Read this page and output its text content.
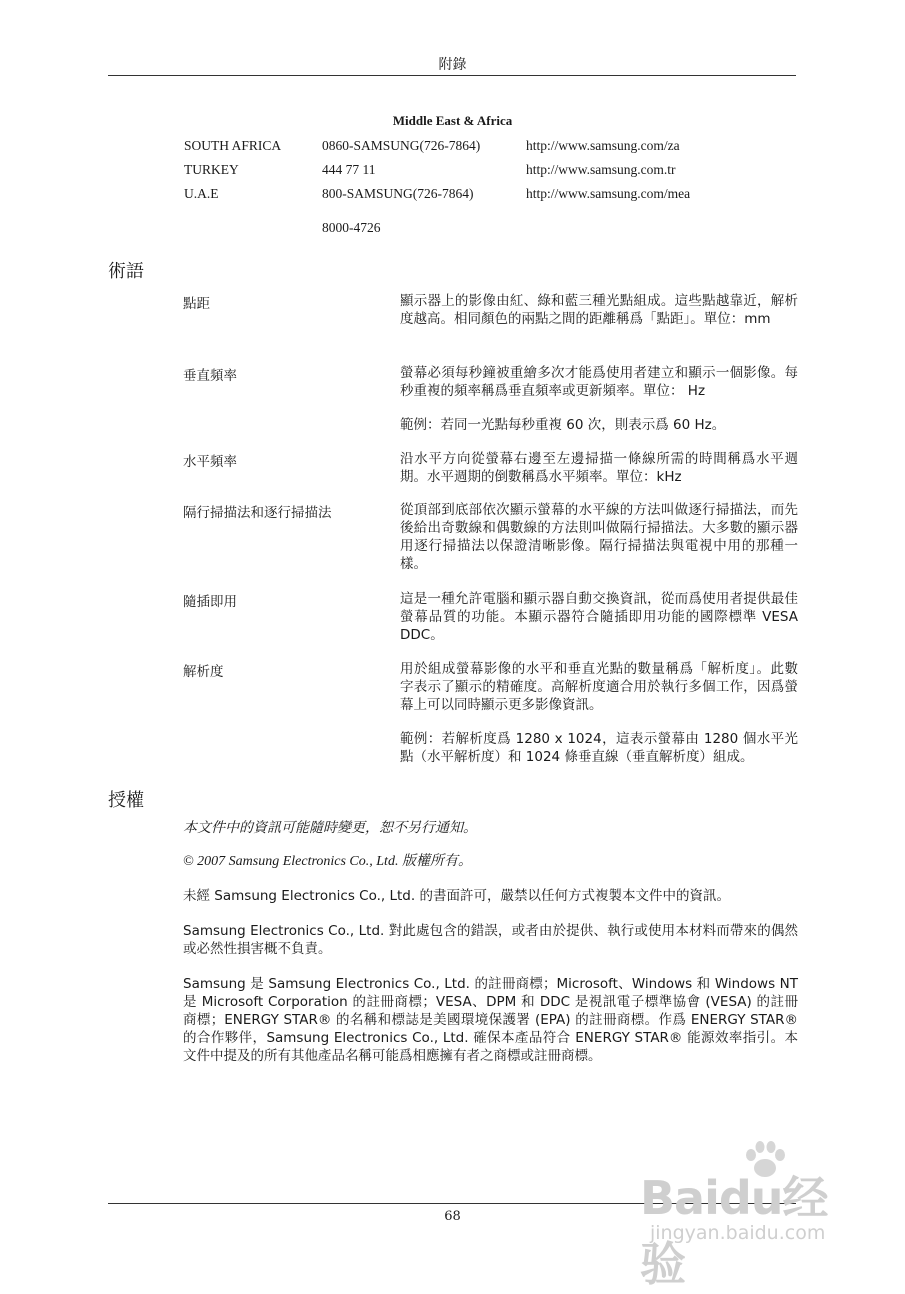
附錄
Middle East & Africa
SOUTH AFRICA	0860-SAMSUNG(726-7864)	http://www.samsung.com/za
TURKEY	444 77 11	http://www.samsung.com.tr
U.A.E	800-SAMSUNG(726-7864)	http://www.samsung.com/mea
8000-4726
術語
點距	顯示器上的影像由紅、綠和藍三種光點組成。這些點越靠近，解析度越高。相同顏色的兩點之間的距離稱爲「點距」。單位：mm
垂直頻率	螢幕必須每秒鐘被重繪多次才能爲使用者建立和顯示一個影像。每秒重複的頻率稱爲垂直頻率或更新頻率。單位： Hz
範例：若同一光點每秒重複 60 次，則表示爲 60 Hz。
水平頻率	沿水平方向從螢幕右邊至左邊掃描一條線所需的時間稱爲水平週期。水平週期的倒數稱爲水平頻率。單位：kHz
隔行掃描法和逐行掃描法	從頂部到底部依次顯示螢幕的水平線的方法叫做逐行掃描法，而先後給出奇數線和偶數線的方法則叫做隔行掃描法。大多數的顯示器用逐行掃描法以保證清晰影像。隔行掃描法與電視中用的那種一樣。
隨插即用	這是一種允許電腦和顯示器自動交換資訊，從而爲使用者提供最佳螢幕品質的功能。本顯示器符合隨插即用功能的國際標準 VESA DDC。
解析度	用於組成螢幕影像的水平和垂直光點的數量稱爲「解析度」。此數字表示了顯示的精確度。高解析度適合用於執行多個工作，因爲螢幕上可以同時顯示更多影像資訊。
範例：若解析度爲 1280 x 1024，這表示螢幕由 1280 個水平光點（水平解析度）和 1024 條垂直線（垂直解析度）組成。
授權
本文件中的資訊可能隨時變更，恕不另行通知。
© 2007 Samsung Electronics Co., Ltd. 版權所有。
未經 Samsung Electronics Co., Ltd. 的書面許可，嚴禁以任何方式複製本文件中的資訊。
Samsung Electronics Co., Ltd. 對此處包含的錯誤，或者由於提供、執行或使用本材料而帶來的偶然或必然性損害概不負責。
Samsung 是 Samsung Electronics Co., Ltd. 的註冊商標；Microsoft、Windows 和 Windows NT 是 Microsoft Corporation 的註冊商標；VESA、DPM 和 DDC 是視訊電子標準協會 (VESA) 的註冊商標；ENERGY STAR® 的名稱和標誌是美國環境保護署 (EPA) 的註冊商標。作爲 ENERGY STAR® 的合作夥伴，Samsung Electronics Co., Ltd. 確保本產品符合 ENERGY STAR® 能源效率指引。本文件中提及的所有其他產品名稱可能爲相應擁有者之商標或註冊商標。
68	Baidu经验
jingyan.baidu.com
